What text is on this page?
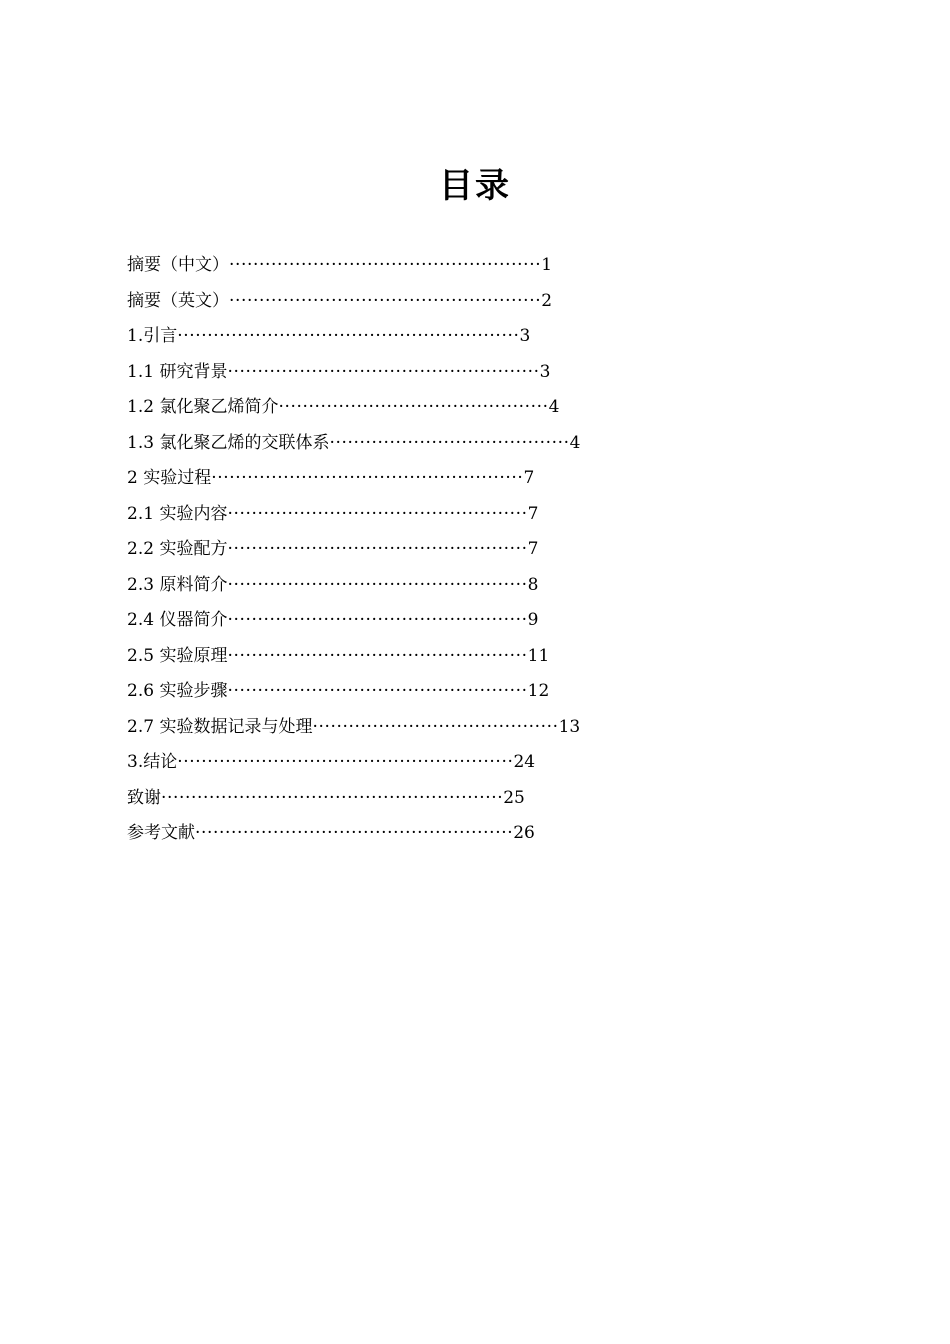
目录
摘要（中文） ···················································· 1
摘要（英文） ···················································· 2
1.引言 ························································· 3
1.1 研究背景 ···················································· 3
1.2 氯化聚乙烯简介 ············································· 4
1.3 氯化聚乙烯的交联体系 ········································ 4
2 实验过程 ···················································· 7
2.1 实验内容 ·················································· 7
2.2 实验配方 ·················································· 7
2.3 原料简介 ·················································· 8
2.4 仪器简介 ·················································· 9
2.5 实验原理 ·················································· 11
2.6 实验步骤 ·················································· 12
2.7 实验数据记录与处理 ········································· 13
3.结论 ························································ 24
致谢 ························································· 25
参考文献 ····················································· 26
